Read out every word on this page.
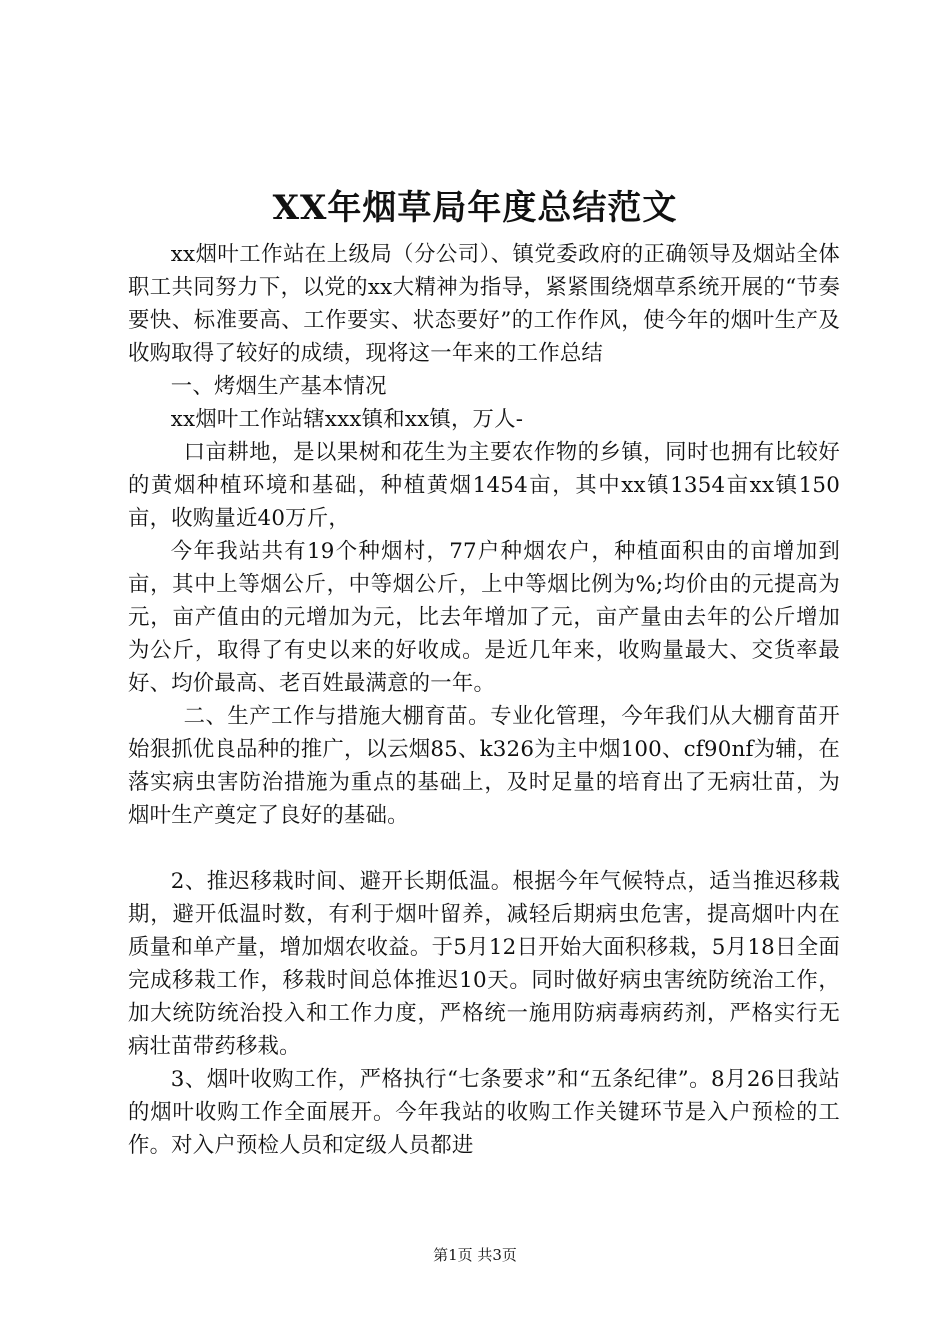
XX年烟草局年度总结范文

xx烟叶工作站在上级局（分公司）、镇党委政府的正确领导及烟站全体职工共同努力下，以党的xx大精神为指导，紧紧围绕烟草系统开展的“节奏要快、标准要高、工作要实、状态要好”的工作作风，使今年的烟叶生产及收购取得了较好的成绩，现将这一年来的工作总结

一、烤烟生产基本情况

xx烟叶工作站辖xxx镇和xx镇，万人-

口亩耕地，是以果树和花生为主要农作物的乡镇，同时也拥有比较好的黄烟种植环境和基础，种植黄烟1454亩，其中xx镇1354亩xx镇150亩，收购量近40万斤，

今年我站共有19个种烟村，77户种烟农户，种植面积由的亩增加到亩，其中上等烟公斤，中等烟公斤，上中等烟比例为%;均价由的元提高为元，亩产值由的元增加为元，比去年增加了元，亩产量由去年的公斤增加为公斤，取得了有史以来的好收成。是近几年来，收购量最大、交货率最好、均价最高、老百姓最满意的一年。

二、生产工作与措施大棚育苗。专业化管理，今年我们从大棚育苗开始狠抓优良品种的推广，以云烟85、k326为主中烟100、cf90nf为辅，在落实病虫害防治措施为重点的基础上，及时足量的培育出了无病壮苗，为烟叶生产奠定了良好的基础。

2、推迟移栽时间、避开长期低温。根据今年气候特点，适当推迟移栽期，避开低温时数，有利于烟叶留养，减轻后期病虫危害，提高烟叶内在质量和单产量，增加烟农收益。于5月12日开始大面积移栽，5月18日全面完成移栽工作，移栽时间总体推迟10天。同时做好病虫害统防统治工作，加大统防统治投入和工作力度，严格统一施用防病毒病药剂，严格实行无病壮苗带药移栽。

3、烟叶收购工作，严格执行“七条要求”和“五条纪律”。8月26日我站的烟叶收购工作全面展开。今年我站的收购工作关键环节是入户预检的工作。对入户预检人员和定级人员都进

第1页 共3页
